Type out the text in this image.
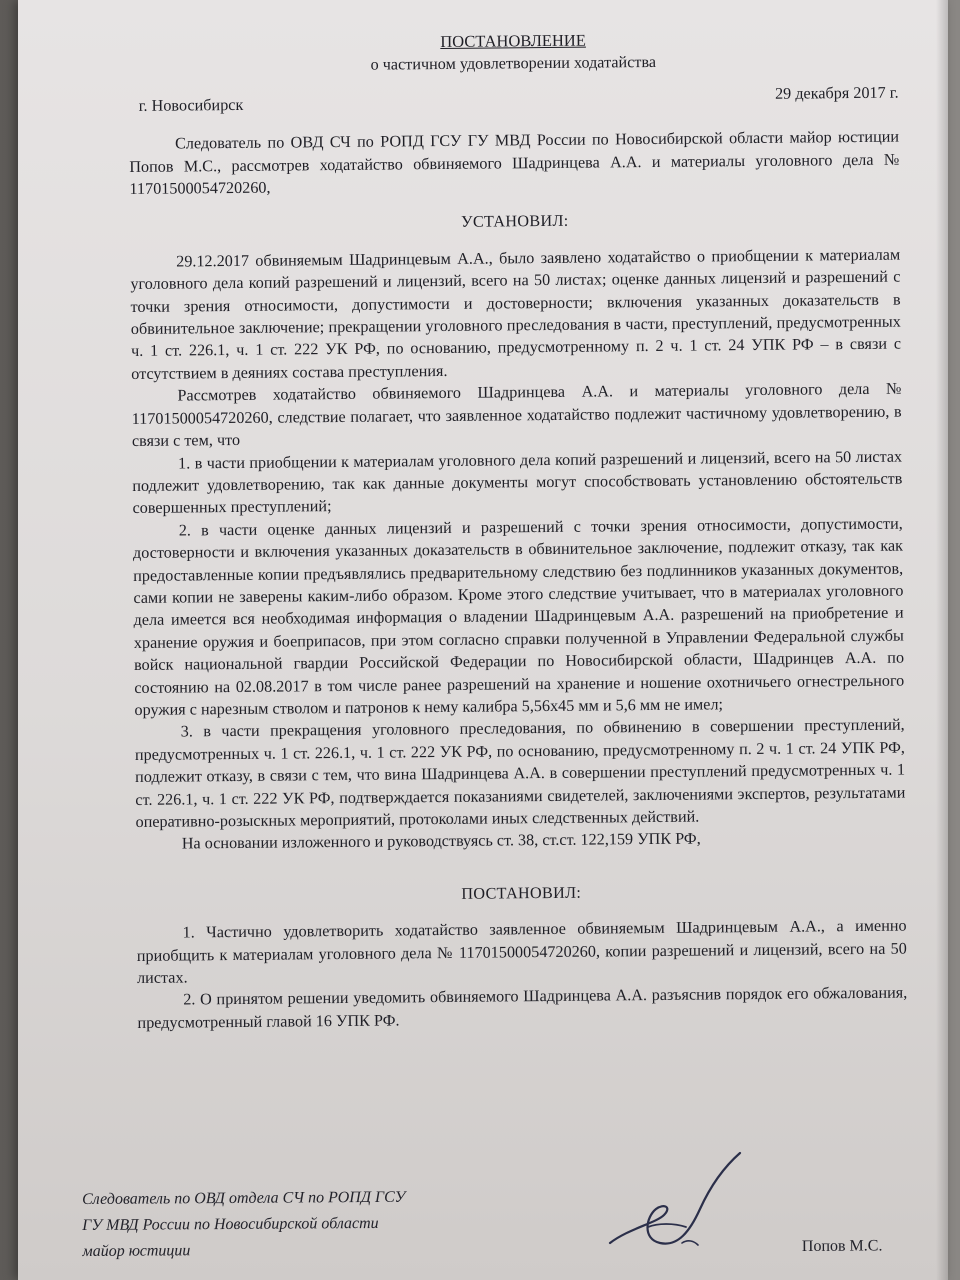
ПОСТАНОВЛЕНИЕ

о частичном удовлетворении ходатайства

г. Новосибирск
29 декабря 2017 г.

Следователь по ОВД СЧ по РОПД ГСУ ГУ МВД России по Новосибирской области майор юстиции Попов М.С., рассмотрев ходатайство обвиняемого Шадринцева А.А. и материалы уголовного дела № 11701500054720260,

УСТАНОВИЛ:

29.12.2017 обвиняемым Шадринцевым А.А., было заявлено ходатайство о приобщении к материалам уголовного дела копий разрешений и лицензий, всего на 50 листах; оценке данных лицензий и разрешений с точки зрения относимости, допустимости и достоверности; включения указанных доказательств в обвинительное заключение; прекращении уголовного преследования в части, преступлений, предусмотренных ч. 1 ст. 226.1, ч. 1 ст. 222 УК РФ, по основанию, предусмотренному п. 2 ч. 1 ст. 24 УПК РФ – в связи с отсутствием в деяниях состава преступления.

Рассмотрев ходатайство обвиняемого Шадринцева А.А. и материалы уголовного дела № 11701500054720260, следствие полагает, что заявленное ходатайство подлежит частичному удовлетворению, в связи с тем, что

1. в части приобщении к материалам уголовного дела копий разрешений и лицензий, всего на 50 листах подлежит удовлетворению, так как данные документы могут способствовать установлению обстоятельств совершенных преступлений;

2. в части оценке данных лицензий и разрешений с точки зрения относимости, допустимости, достоверности и включения указанных доказательств в обвинительное заключение, подлежит отказу, так как предоставленные копии предъявлялись предварительному следствию без подлинников указанных документов, сами копии не заверены каким-либо образом. Кроме этого следствие учитывает, что в материалах уголовного дела имеется вся необходимая информация о владении Шадринцевым А.А. разрешений на приобретение и хранение оружия и боеприпасов, при этом согласно справки полученной в Управлении Федеральной службы войск национальной гвардии Российской Федерации по Новосибирской области, Шадринцев А.А. по состоянию на 02.08.2017 в том числе ранее разрешений на хранение и ношение охотничьего огнестрельного оружия с нарезным стволом и патронов к нему калибра 5,56x45 мм и 5,6 мм не имел;

3. в части прекращения уголовного преследования, по обвинению в совершении преступлений, предусмотренных ч. 1 ст. 226.1, ч. 1 ст. 222 УК РФ, по основанию, предусмотренному п. 2 ч. 1 ст. 24 УПК РФ, подлежит отказу, в связи с тем, что вина Шадринцева А.А. в совершении преступлений предусмотренных ч. 1 ст. 226.1, ч. 1 ст. 222 УК РФ, подтверждается показаниями свидетелей, заключениями экспертов, результатами оперативно-розыскных мероприятий, протоколами иных следственных действий.

На основании изложенного и руководствуясь ст. 38, ст.ст. 122,159 УПК РФ,

ПОСТАНОВИЛ:

1. Частично удовлетворить ходатайство заявленное обвиняемым Шадринцевым А.А., а именно приобщить к материалам уголовного дела № 11701500054720260, копии разрешений и лицензий, всего на 50 листах.

2. О принятом решении уведомить обвиняемого Шадринцева А.А. разъяснив порядок его обжалования, предусмотренный главой 16 УПК РФ.

Следователь по ОВД отдела СЧ по РОПД ГСУ
ГУ МВД России по Новосибирской области
майор юстиции	Попов М.С.
